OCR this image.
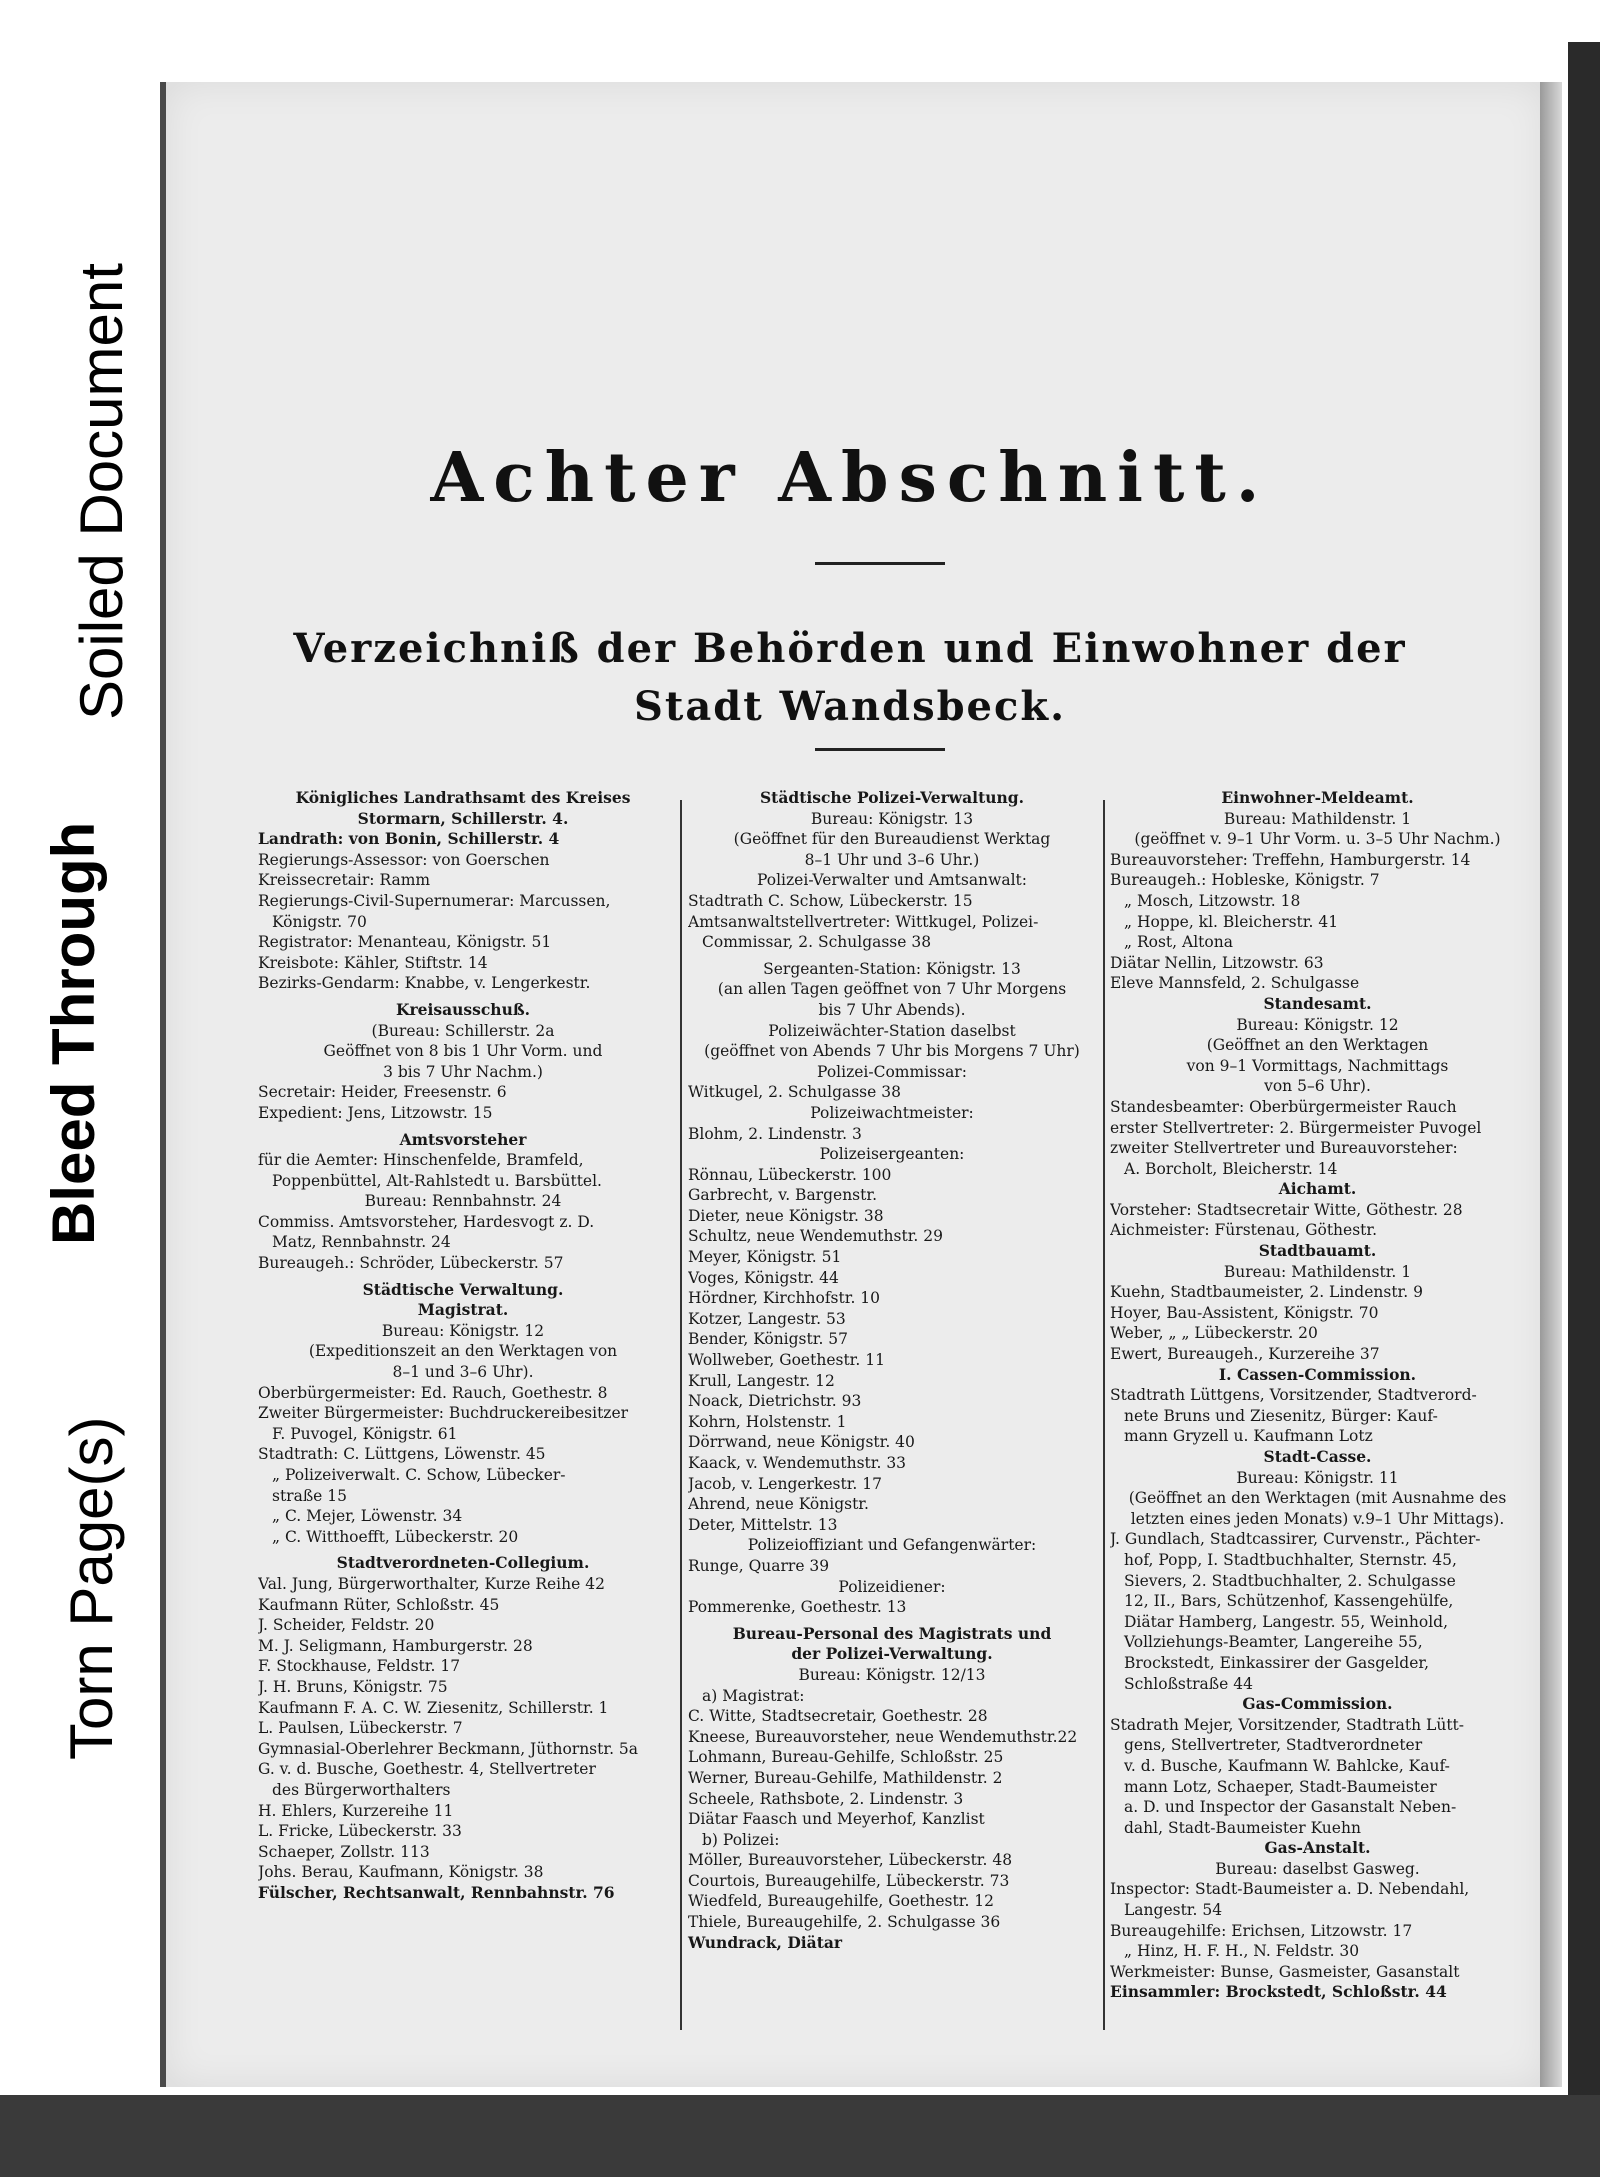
Soiled Document
Bleed Through
Torn Page(s)
Achter Abschnitt.
Verzeichniß der Behörden und Einwohner der
Stadt Wandsbeck.
Königliches Landrathsamt des Kreises
Stormarn, Schillerstr. 4.
Landrath: von Bonin, Schillerstr. 4
Regierungs-Assessor: von Goerschen
Kreissecretair: Ramm
Regierungs-Civil-Supernumerar: Marcussen,
Königstr. 70
Registrator: Menanteau, Königstr. 51
Kreisbote: Kähler, Stiftstr. 14
Bezirks-Gendarm: Knabbe, v. Lengerkestr.
Kreisausschuß.
(Bureau: Schillerstr. 2a
Geöffnet von 8 bis 1 Uhr Vorm. und
3 bis 7 Uhr Nachm.)
Secretair: Heider, Freesenstr. 6
Expedient: Jens, Litzowstr. 15
Amtsvorsteher
für die Aemter: Hinschenfelde, Bramfeld,
Poppenbüttel, Alt-Rahlstedt u. Barsbüttel.
Bureau: Rennbahnstr. 24
Commiss. Amtsvorsteher, Hardesvogt z. D.
Matz, Rennbahnstr. 24
Bureaugeh.: Schröder, Lübeckerstr. 57
Städtische Verwaltung.
Magistrat.
Bureau: Königstr. 12
(Expeditionszeit an den Werktagen von
8–1 und 3–6 Uhr).
Oberbürgermeister: Ed. Rauch, Goethestr. 8
Zweiter Bürgermeister: Buchdruckereibesitzer
F. Puvogel, Königstr. 61
Stadtrath: C. Lüttgens, Löwenstr. 45
„ Polizeiverwalt. C. Schow, Lübecker-
straße 15
„ C. Mejer, Löwenstr. 34
„ C. Witthoefft, Lübeckerstr. 20
Stadtverordneten-Collegium.
Val. Jung, Bürgerworthalter, Kurze Reihe 42
Kaufmann Rüter, Schloßstr. 45
J. Scheider, Feldstr. 20
M. J. Seligmann, Hamburgerstr. 28
F. Stockhause, Feldstr. 17
J. H. Bruns, Königstr. 75
Kaufmann F. A. C. W. Ziesenitz, Schillerstr. 1
L. Paulsen, Lübeckerstr. 7
Gymnasial-Oberlehrer Beckmann, Jüthornstr. 5a
G. v. d. Busche, Goethestr. 4, Stellvertreter
des Bürgerworthalters
H. Ehlers, Kurzereihe 11
L. Fricke, Lübeckerstr. 33
Schaeper, Zollstr. 113
Johs. Berau, Kaufmann, Königstr. 38
Fülscher, Rechtsanwalt, Rennbahnstr. 76
Städtische Polizei-Verwaltung.
Bureau: Königstr. 13
(Geöffnet für den Bureaudienst Werktag
8–1 Uhr und 3–6 Uhr.)
Polizei-Verwalter und Amtsanwalt:
Stadtrath C. Schow, Lübeckerstr. 15
Amtsanwaltstellvertreter: Wittkugel, Polizei-
Commissar, 2. Schulgasse 38
Sergeanten-Station: Königstr. 13
(an allen Tagen geöffnet von 7 Uhr Morgens
bis 7 Uhr Abends).
Polizeiwächter-Station daselbst
(geöffnet von Abends 7 Uhr bis Morgens 7 Uhr)
Polizei-Commissar:
Witkugel, 2. Schulgasse 38
Polizeiwachtmeister:
Blohm, 2. Lindenstr. 3
Polizeisergeanten:
Rönnau, Lübeckerstr. 100
Garbrecht, v. Bargenstr.
Dieter, neue Königstr. 38
Schultz, neue Wendemuthstr. 29
Meyer, Königstr. 51
Voges, Königstr. 44
Hördner, Kirchhofstr. 10
Kotzer, Langestr. 53
Bender, Königstr. 57
Wollweber, Goethestr. 11
Krull, Langestr. 12
Noack, Dietrichstr. 93
Kohrn, Holstenstr. 1
Dörrwand, neue Königstr. 40
Kaack, v. Wendemuthstr. 33
Jacob, v. Lengerkestr. 17
Ahrend, neue Königstr.
Deter, Mittelstr. 13
Polizeioffiziant und Gefangenwärter:
Runge, Quarre 39
Polizeidiener:
Pommerenke, Goethestr. 13
Bureau-Personal des Magistrats und
der Polizei-Verwaltung.
Bureau: Königstr. 12/13
a) Magistrat:
C. Witte, Stadtsecretair, Goethestr. 28
Kneese, Bureauvorsteher, neue Wendemuthstr.22
Lohmann, Bureau-Gehilfe, Schloßstr. 25
Werner, Bureau-Gehilfe, Mathildenstr. 2
Scheele, Rathsbote, 2. Lindenstr. 3
Diätar Faasch und Meyerhof, Kanzlist
b) Polizei:
Möller, Bureauvorsteher, Lübeckerstr. 48
Courtois, Bureaugehilfe, Lübeckerstr. 73
Wiedfeld, Bureaugehilfe, Goethestr. 12
Thiele, Bureaugehilfe, 2. Schulgasse 36
Wundrack, Diätar
Einwohner-Meldeamt.
Bureau: Mathildenstr. 1
(geöffnet v. 9–1 Uhr Vorm. u. 3–5 Uhr Nachm.)
Bureauvorsteher: Treffehn, Hamburgerstr. 14
Bureaugeh.: Hobleske, Königstr. 7
„ Mosch, Litzowstr. 18
„ Hoppe, kl. Bleicherstr. 41
„ Rost, Altona
Diätar Nellin, Litzowstr. 63
Eleve Mannsfeld, 2. Schulgasse
Standesamt.
Bureau: Königstr. 12
(Geöffnet an den Werktagen
von 9–1 Vormittags, Nachmittags
von 5–6 Uhr).
Standesbeamter: Oberbürgermeister Rauch
erster Stellvertreter: 2. Bürgermeister Puvogel
zweiter Stellvertreter und Bureauvorsteher:
A. Borcholt, Bleicherstr. 14
Aichamt.
Vorsteher: Stadtsecretair Witte, Göthestr. 28
Aichmeister: Fürstenau, Göthestr.
Stadtbauamt.
Bureau: Mathildenstr. 1
Kuehn, Stadtbaumeister, 2. Lindenstr. 9
Hoyer, Bau-Assistent, Königstr. 70
Weber, „ „ Lübeckerstr. 20
Ewert, Bureaugeh., Kurzereihe 37
I. Cassen-Commission.
Stadtrath Lüttgens, Vorsitzender, Stadtverord-
nete Bruns und Ziesenitz, Bürger: Kauf-
mann Gryzell u. Kaufmann Lotz
Stadt-Casse.
Bureau: Königstr. 11
(Geöffnet an den Werktagen (mit Ausnahme des
letzten eines jeden Monats) v.9–1 Uhr Mittags).
J. Gundlach, Stadtcassirer, Curvenstr., Pächter-
hof, Popp, I. Stadtbuchhalter, Sternstr. 45,
Sievers, 2. Stadtbuchhalter, 2. Schulgasse
12, II., Bars, Schützenhof, Kassengehülfe,
Diätar Hamberg, Langestr. 55, Weinhold,
Vollziehungs-Beamter, Langereihe 55,
Brockstedt, Einkassirer der Gasgelder,
Schloßstraße 44
Gas-Commission.
Stadrath Mejer, Vorsitzender, Stadtrath Lütt-
gens, Stellvertreter, Stadtverordneter
v. d. Busche, Kaufmann W. Bahlcke, Kauf-
mann Lotz, Schaeper, Stadt-Baumeister
a. D. und Inspector der Gasanstalt Neben-
dahl, Stadt-Baumeister Kuehn
Gas-Anstalt.
Bureau: daselbst Gasweg.
Inspector: Stadt-Baumeister a. D. Nebendahl,
Langestr. 54
Bureaugehilfe: Erichsen, Litzowstr. 17
„ Hinz, H. F. H., N. Feldstr. 30
Werkmeister: Bunse, Gasmeister, Gasanstalt
Einsammler: Brockstedt, Schloßstr. 44
